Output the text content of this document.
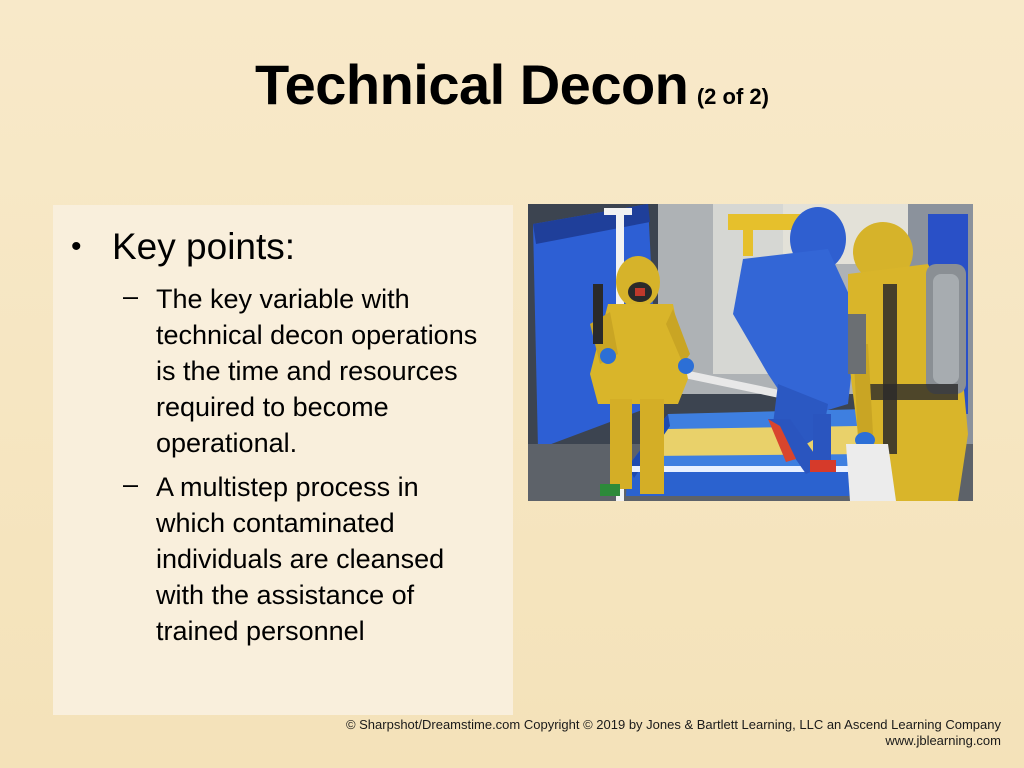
Technical Decon (2 of 2)
• Key points:
– The key variable with technical decon operations is the time and resources required to become operational.
– A multistep process in which contaminated individuals are cleansed with the assistance of trained personnel
© Sharpshot/Dreamstime.com Copyright © 2019 by Jones & Bartlett Learning, LLC an Ascend Learning Company
www.jblearning.com
